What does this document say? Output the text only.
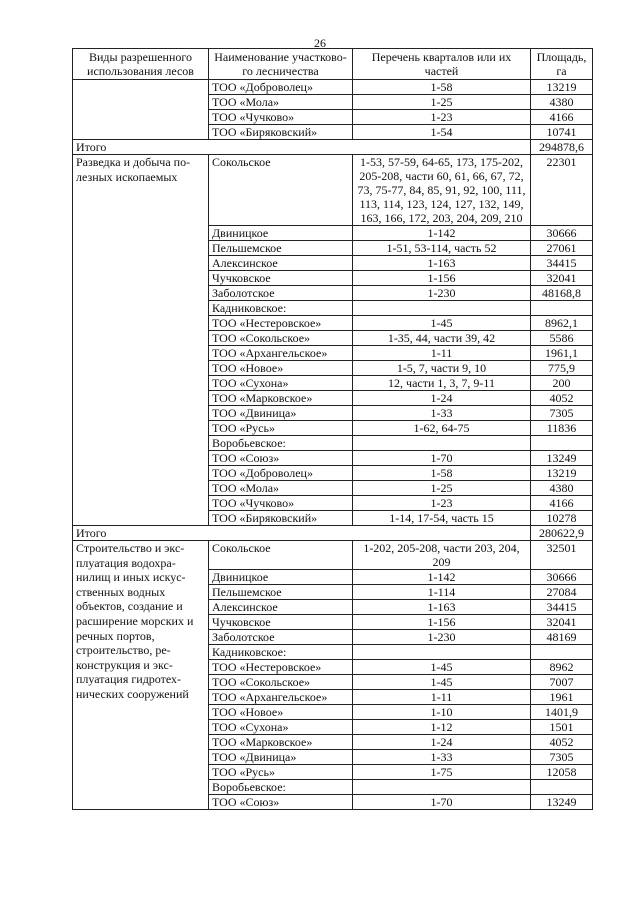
26
Виды разрешенного использования лесов	Наименование участково-го лесничества	Перечень кварталов или их частей	Площадь, га
	ТОО «Доброволец»	1-58	13219
	ТОО «Мола»	1-25	4380
	ТОО «Чучково»	1-23	4166
	ТОО «Биряковский»	1-54	10741
Итого			294878,6
Разведка и добыча по-лезных ископаемых	Сокольское	1-53, 57-59, 64-65, 173, 175-202, 205-208, части 60, 61, 66, 67, 72, 73, 75-77, 84, 85, 91, 92, 100, 111, 113, 114, 123, 124, 127, 132, 149, 163, 166, 172, 203, 204, 209, 210	22301
	Двиницкое	1-142	30666
	Пельшемское	1-51, 53-114, часть 52	27061
	Алексинское	1-163	34415
	Чучковское	1-156	32041
	Заболотское	1-230	48168,8
	Кадниковское:		
	ТОО «Нестеровское»	1-45	8962,1
	ТОО «Сокольское»	1-35, 44, части 39, 42	5586
	ТОО «Архангельское»	1-11	1961,1
	ТОО «Новое»	1-5, 7, части 9, 10	775,9
	ТОО «Сухона»	12, части 1, 3, 7, 9-11	200
	ТОО «Марковское»	1-24	4052
	ТОО «Двиница»	1-33	7305
	ТОО «Русь»	1-62, 64-75	11836
	Воробьевское:		
	ТОО «Союз»	1-70	13249
	ТОО «Доброволец»	1-58	13219
	ТОО «Мола»	1-25	4380
	ТОО «Чучково»	1-23	4166
	ТОО «Биряковский»	1-14, 17-54, часть 15	10278
Итого			280622,9
Строительство и экс-плуатация водохра-нилищ и иных искус-ственных водных объектов, создание и расширение морских и речных портов, строительство, ре-конструкция и экс-плуатация гидротех-нических сооружений	Сокольское	1-202, 205-208, части 203, 204, 209	32501
	Двиницкое	1-142	30666
	Пельшемское	1-114	27084
	Алексинское	1-163	34415
	Чучковское	1-156	32041
	Заболотское	1-230	48169
	Кадниковское:		
	ТОО «Нестеровское»	1-45	8962
	ТОО «Сокольское»	1-45	7007
	ТОО «Архангельское»	1-11	1961
	ТОО «Новое»	1-10	1401,9
	ТОО «Сухона»	1-12	1501
	ТОО «Марковское»	1-24	4052
	ТОО «Двиница»	1-33	7305
	ТОО «Русь»	1-75	12058
	Воробьевское:		
	ТОО «Союз»	1-70	13249
